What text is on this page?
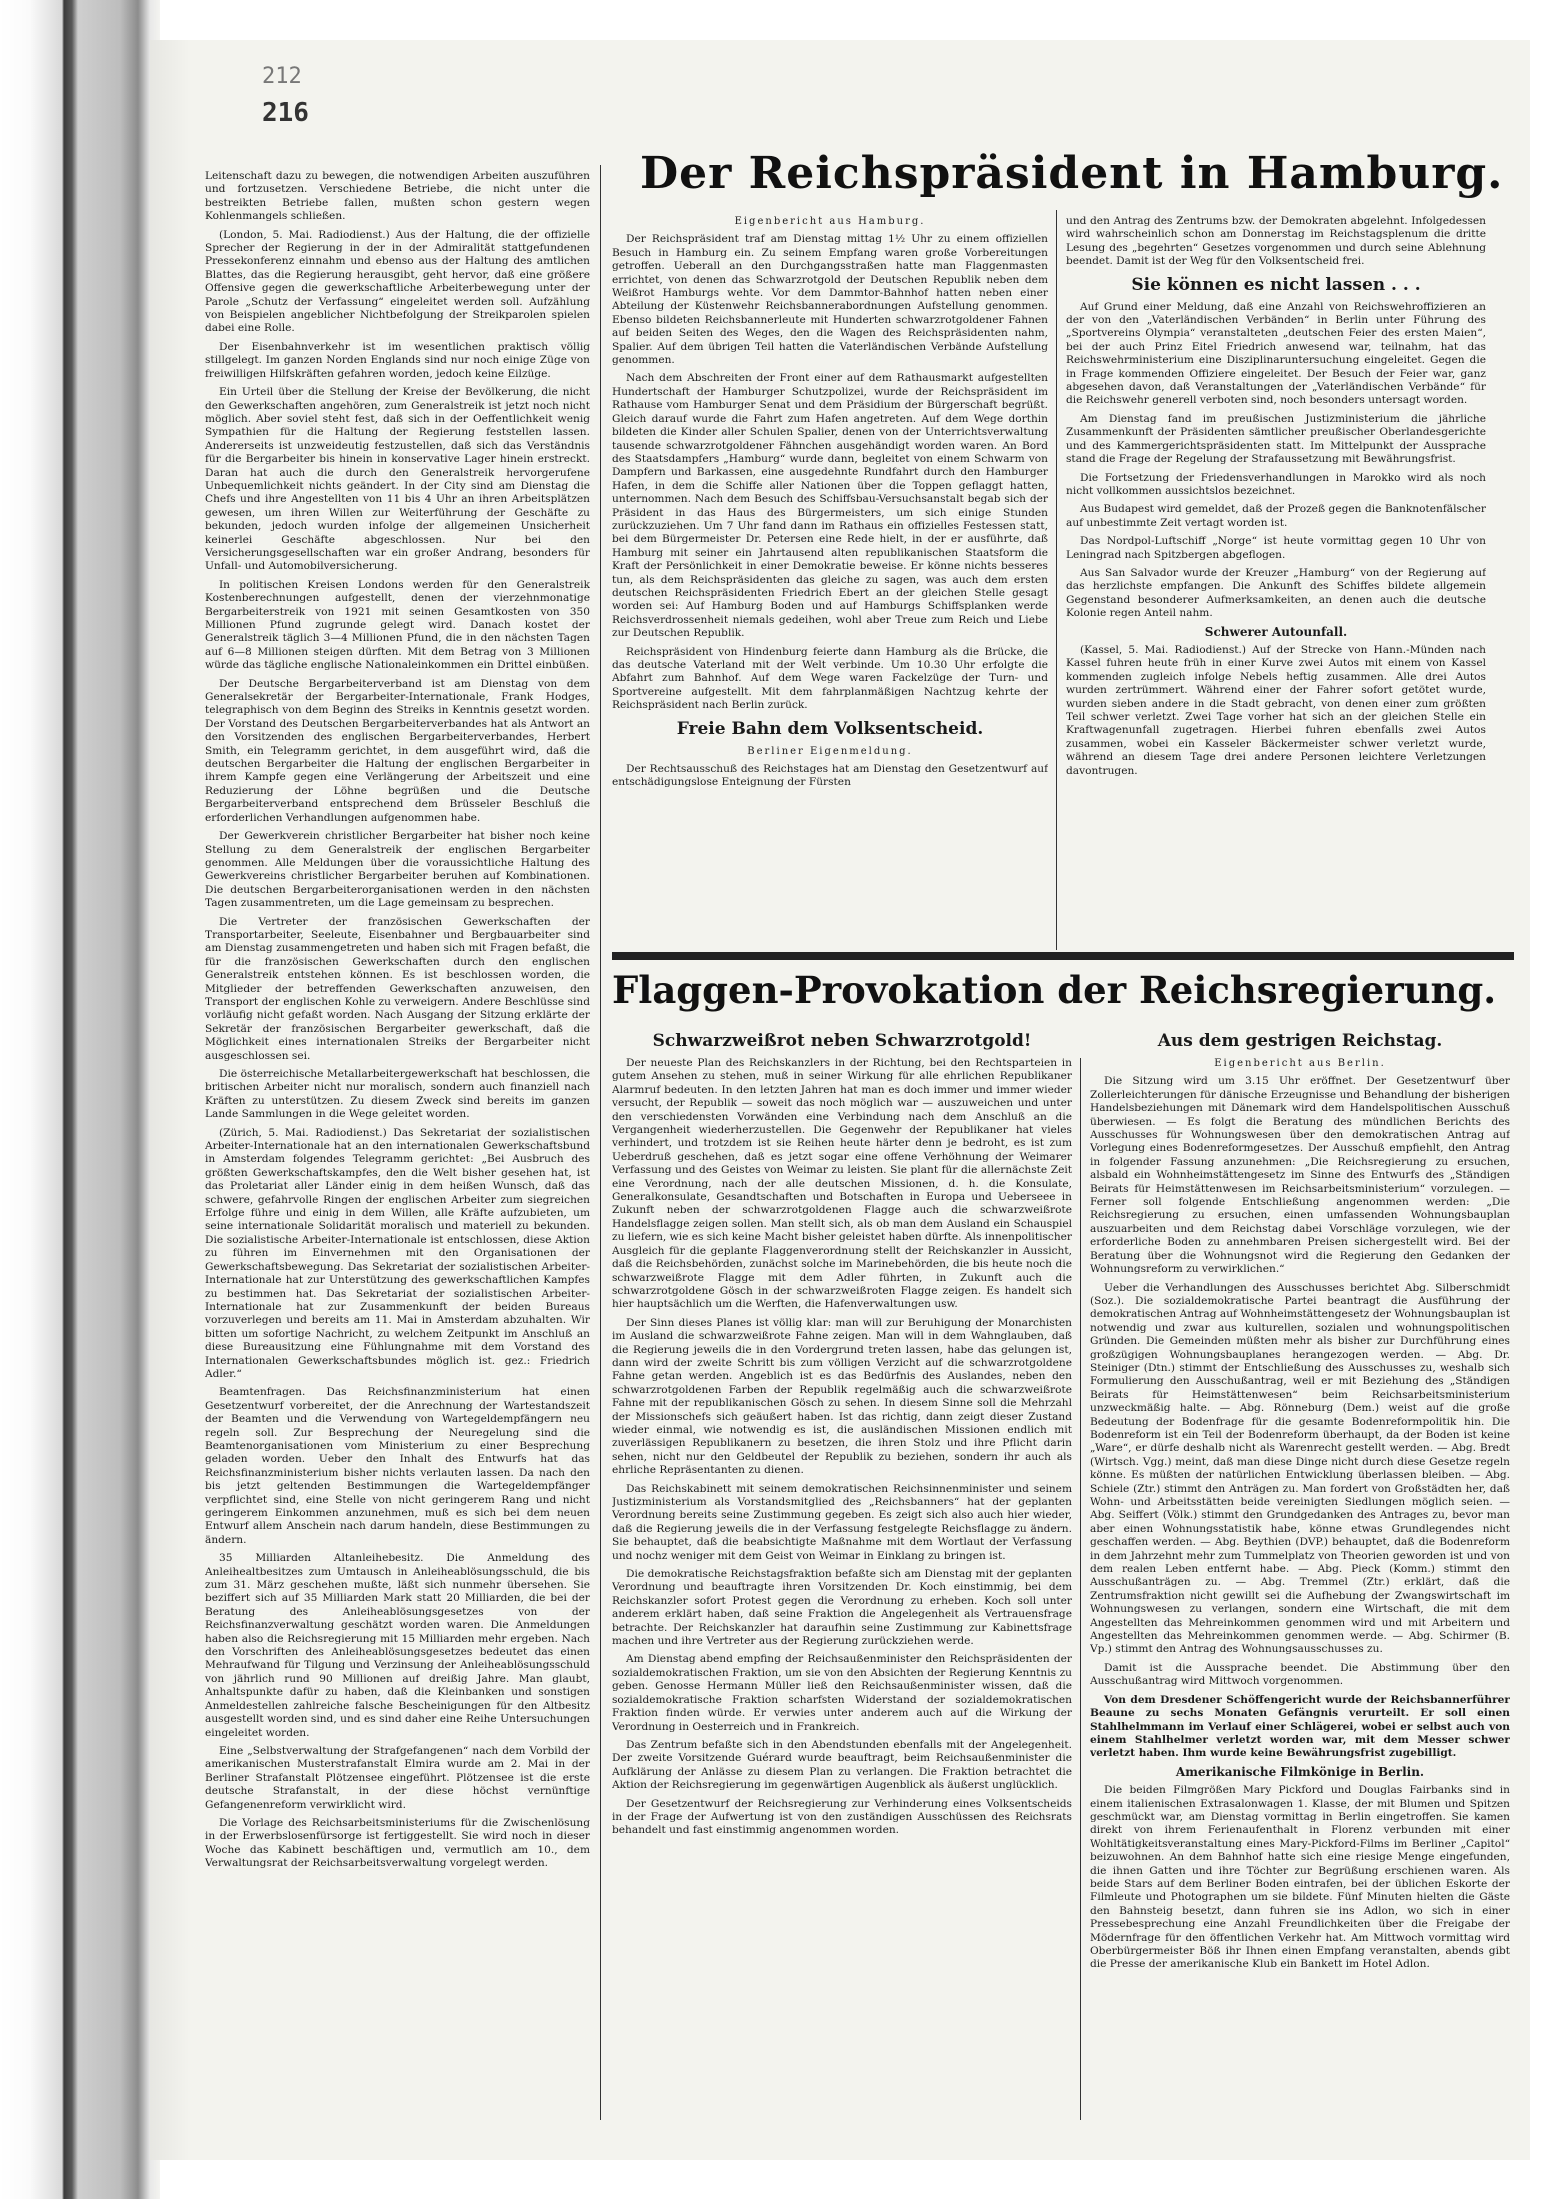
212
216

Leitenschaft dazu zu bewegen, die notwendigen Arbeiten auszuführen und fortzusetzen. Verschiedene Betriebe, die nicht unter die bestreikten Betriebe fallen, mußten schon gestern wegen Kohlenmangels schließen.

(London, 5. Mai. Radiodienst.) Aus der Haltung, die der offizielle Sprecher der Regierung in der in der Admiralität stattgefundenen Pressekonferenz einnahm und ebenso aus der Haltung des amtlichen Blattes, das die Regierung herausgibt, geht hervor, daß eine größere Offensive gegen die gewerkschaftliche Arbeiterbewegung unter der Parole „Schutz der Verfassung“ eingeleitet werden soll. Aufzählung von Beispielen angeblicher Nichtbefolgung der Streikparolen spielen dabei eine Rolle.

Der Eisenbahnverkehr ist im wesentlichen praktisch völlig stillgelegt. Im ganzen Norden Englands sind nur noch einige Züge von freiwilligen Hilfskräften gefahren worden, jedoch keine Eilzüge.

Ein Urteil über die Stellung der Kreise der Bevölkerung, die nicht den Gewerkschaften angehören, zum Generalstreik ist jetzt noch nicht möglich. Aber soviel steht fest, daß sich in der Oeffentlichkeit wenig Sympathien für die Haltung der Regierung feststellen lassen. Andererseits ist unzweideutig festzustellen, daß sich das Verständnis für die Bergarbeiter bis hinein in konservative Lager hinein erstreckt. Daran hat auch die durch den Generalstreik hervorgerufene Unbequemlichkeit nichts geändert. In der City sind am Dienstag die Chefs und ihre Angestellten von 11 bis 4 Uhr an ihren Arbeitsplätzen gewesen, um ihren Willen zur Weiterführung der Geschäfte zu bekunden, jedoch wurden infolge der allgemeinen Unsicherheit keinerlei Geschäfte abgeschlossen. Nur bei den Versicherungsgesellschaften war ein großer Andrang, besonders für Unfall- und Automobilversicherung.

In politischen Kreisen Londons werden für den Generalstreik Kostenberechnungen aufgestellt, denen der vierzehnmonatige Bergarbeiterstreik von 1921 mit seinen Gesamtkosten von 350 Millionen Pfund zugrunde gelegt wird. Danach kostet der Generalstreik täglich 3—4 Millionen Pfund, die in den nächsten Tagen auf 6—8 Millionen steigen dürften. Mit dem Betrag von 3 Millionen würde das tägliche englische Nationaleinkommen ein Drittel einbüßen.

Der Deutsche Bergarbeiterverband ist am Dienstag von dem Generalsekretär der Bergarbeiter-Internationale, Frank Hodges, telegraphisch von dem Beginn des Streiks in Kenntnis gesetzt worden. Der Vorstand des Deutschen Bergarbeiterverbandes hat als Antwort an den Vorsitzenden des englischen Bergarbeiterverbandes, Herbert Smith, ein Telegramm gerichtet, in dem ausgeführt wird, daß die deutschen Bergarbeiter die Haltung der englischen Bergarbeiter in ihrem Kampfe gegen eine Verlängerung der Arbeitszeit und eine Reduzierung der Löhne begrüßen und die Deutsche Bergarbeiterverband entsprechend dem Brüsseler Beschluß die erforderlichen Verhandlungen aufgenommen habe.

Der Gewerkverein christlicher Bergarbeiter hat bisher noch keine Stellung zu dem Generalstreik der englischen Bergarbeiter genommen. Alle Meldungen über die voraussichtliche Haltung des Gewerkvereins christlicher Bergarbeiter beruhen auf Kombinationen. Die deutschen Bergarbeiterorganisationen werden in den nächsten Tagen zusammentreten, um die Lage gemeinsam zu besprechen.

Die Vertreter der französischen Gewerkschaften der Transportarbeiter, Seeleute, Eisenbahner und Bergbauarbeiter sind am Dienstag zusammengetreten und haben sich mit Fragen befaßt, die für die französischen Gewerkschaften durch den englischen Generalstreik entstehen können. Es ist beschlossen worden, die Mitglieder der betreffenden Gewerkschaften anzuweisen, den Transport der englischen Kohle zu verweigern. Andere Beschlüsse sind vorläufig nicht gefaßt worden. Nach Ausgang der Sitzung erklärte der Sekretär der französischen Bergarbeiter gewerkschaft, daß die Möglichkeit eines internationalen Streiks der Bergarbeiter nicht ausgeschlossen sei.

Die österreichische Metallarbeitergewerkschaft hat beschlossen, die britischen Arbeiter nicht nur moralisch, sondern auch finanziell nach Kräften zu unterstützen. Zu diesem Zweck sind bereits im ganzen Lande Sammlungen in die Wege geleitet worden.

(Zürich, 5. Mai. Radiodienst.) Das Sekretariat der sozialistischen Arbeiter-Internationale hat an den internationalen Gewerkschaftsbund in Amsterdam folgendes Telegramm gerichtet: „Bei Ausbruch des größten Gewerkschaftskampfes, den die Welt bisher gesehen hat, ist das Proletariat aller Länder einig in dem heißen Wunsch, daß das schwere, gefahrvolle Ringen der englischen Arbeiter zum siegreichen Erfolge führe und einig in dem Willen, alle Kräfte aufzubieten, um seine internationale Solidarität moralisch und materiell zu bekunden. Die sozialistische Arbeiter-Internationale ist entschlossen, diese Aktion zu führen im Einvernehmen mit den Organisationen der Gewerkschaftsbewegung. Das Sekretariat der sozialistischen Arbeiter-Internationale hat zur Unterstützung des gewerkschaftlichen Kampfes zu bestimmen hat. Das Sekretariat der sozialistischen Arbeiter-Internationale hat zur Zusammenkunft der beiden Bureaus vorzuverlegen und bereits am 11. Mai in Amsterdam abzuhalten. Wir bitten um sofortige Nachricht, zu welchem Zeitpunkt im Anschluß an diese Bureausitzung eine Fühlungnahme mit dem Vorstand des Internationalen Gewerkschaftsbundes möglich ist. gez.: Friedrich Adler.“

Beamtenfragen. Das Reichsfinanzministerium hat einen Gesetzentwurf vorbereitet, der die Anrechnung der Wartestandszeit der Beamten und die Verwendung von Wartegeldempfängern neu regeln soll. Zur Besprechung der Neuregelung sind die Beamtenorganisationen vom Ministerium zu einer Besprechung geladen worden. Ueber den Inhalt des Entwurfs hat das Reichsfinanzministerium bisher nichts verlauten lassen. Da nach den bis jetzt geltenden Bestimmungen die Wartegeldempfänger verpflichtet sind, eine Stelle von nicht geringerem Rang und nicht geringerem Einkommen anzunehmen, muß es sich bei dem neuen Entwurf allem Anschein nach darum handeln, diese Bestimmungen zu ändern.

35 Milliarden Altanleihebesitz. Die Anmeldung des Anleihealtbesitzes zum Umtausch in Anleiheablösungsschuld, die bis zum 31. März geschehen mußte, läßt sich nunmehr übersehen. Sie beziffert sich auf 35 Milliarden Mark statt 20 Milliarden, die bei der Beratung des Anleiheablösungsgesetzes von der Reichsfinanzverwaltung geschätzt worden waren. Die Anmeldungen haben also die Reichsregierung mit 15 Milliarden mehr ergeben. Nach den Vorschriften des Anleiheablösungsgesetzes bedeutet das einen Mehraufwand für Tilgung und Verzinsung der Anleiheablösungsschuld von jährlich rund 90 Millionen auf dreißig Jahre. Man glaubt, Anhaltspunkte dafür zu haben, daß die Kleinbanken und sonstigen Anmeldestellen zahlreiche falsche Bescheinigungen für den Altbesitz ausgestellt worden sind, und es sind daher eine Reihe Untersuchungen eingeleitet worden.

Eine „Selbstverwaltung der Strafgefangenen“ nach dem Vorbild der amerikanischen Musterstrafanstalt Elmira wurde am 2. Mai in der Berliner Strafanstalt Plötzensee eingeführt. Plötzensee ist die erste deutsche Strafanstalt, in der diese höchst vernünftige Gefangenenreform verwirklicht wird.

Die Vorlage des Reichsarbeitsministeriums für die Zwischenlösung in der Erwerbslosenfürsorge ist fertiggestellt. Sie wird noch in dieser Woche das Kabinett beschäftigen und, vermutlich am 10., dem Verwaltungsrat der Reichsarbeitsverwaltung vorgelegt werden.

Der Reichspräsident in Hamburg.

Eigenbericht aus Hamburg.

Der Reichspräsident traf am Dienstag mittag 1½ Uhr zu einem offiziellen Besuch in Hamburg ein. Zu seinem Empfang waren große Vorbereitungen getroffen. Ueberall an den Durchgangsstraßen hatte man Flaggenmasten errichtet, von denen das Schwarzrotgold der Deutschen Republik neben dem Weißrot Hamburgs wehte. Vor dem Dammtor-Bahnhof hatten neben einer Abteilung der Küstenwehr Reichsbannerabordnungen Aufstellung genommen. Ebenso bildeten Reichsbannerleute mit Hunderten schwarzrotgoldener Fahnen auf beiden Seiten des Weges, den die Wagen des Reichspräsidenten nahm, Spalier. Auf dem übrigen Teil hatten die Vaterländischen Verbände Aufstellung genommen.

Nach dem Abschreiten der Front einer auf dem Rathausmarkt aufgestellten Hundertschaft der Hamburger Schutzpolizei, wurde der Reichspräsident im Rathause vom Hamburger Senat und dem Präsidium der Bürgerschaft begrüßt. Gleich darauf wurde die Fahrt zum Hafen angetreten. Auf dem Wege dorthin bildeten die Kinder aller Schulen Spalier, denen von der Unterrichtsverwaltung tausende schwarzrotgoldener Fähnchen ausgehändigt worden waren. An Bord des Staatsdampfers „Hamburg“ wurde dann, begleitet von einem Schwarm von Dampfern und Barkassen, eine ausgedehnte Rundfahrt durch den Hamburger Hafen, in dem die Schiffe aller Nationen über die Toppen geflaggt hatten, unternommen. Nach dem Besuch des Schiffsbau-Versuchsanstalt begab sich der Präsident in das Haus des Bürgermeisters, um sich einige Stunden zurückzuziehen. Um 7 Uhr fand dann im Rathaus ein offizielles Festessen statt, bei dem Bürgermeister Dr. Petersen eine Rede hielt, in der er ausführte, daß Hamburg mit seiner ein Jahrtausend alten republikanischen Staatsform die Kraft der Persönlichkeit in einer Demokratie beweise. Er könne nichts besseres tun, als dem Reichspräsidenten das gleiche zu sagen, was auch dem ersten deutschen Reichspräsidenten Friedrich Ebert an der gleichen Stelle gesagt worden sei: Auf Hamburg Boden und auf Hamburgs Schiffsplanken werde Reichsverdrossenheit niemals gedeihen, wohl aber Treue zum Reich und Liebe zur Deutschen Republik.

Reichspräsident von Hindenburg feierte dann Hamburg als die Brücke, die das deutsche Vaterland mit der Welt verbinde. Um 10.30 Uhr erfolgte die Abfahrt zum Bahnhof. Auf dem Wege waren Fackelzüge der Turn- und Sportvereine aufgestellt. Mit dem fahrplanmäßigen Nachtzug kehrte der Reichspräsident nach Berlin zurück.

Freie Bahn dem Volksentscheid.

Berliner Eigenmeldung.

Der Rechtsausschuß des Reichstages hat am Dienstag den Gesetzentwurf auf entschädigungslose Enteignung der Fürsten

und den Antrag des Zentrums bzw. der Demokraten abgelehnt. Infolgedessen wird wahrscheinlich schon am Donnerstag im Reichstagsplenum die dritte Lesung des „begehrten“ Gesetzes vorgenommen und durch seine Ablehnung beendet. Damit ist der Weg für den Volksentscheid frei.

Sie können es nicht lassen . . .

Auf Grund einer Meldung, daß eine Anzahl von Reichswehroffizieren an der von den „Vaterländischen Verbänden“ in Berlin unter Führung des „Sportvereins Olympia“ veranstalteten „deutschen Feier des ersten Maien“, bei der auch Prinz Eitel Friedrich anwesend war, teilnahm, hat das Reichswehrministerium eine Disziplinaruntersuchung eingeleitet. Gegen die in Frage kommenden Offiziere eingeleitet. Der Besuch der Feier war, ganz abgesehen davon, daß Veranstaltungen der „Vaterländischen Verbände“ für die Reichswehr generell verboten sind, noch besonders untersagt worden.

Am Dienstag fand im preußischen Justizministerium die jährliche Zusammenkunft der Präsidenten sämtlicher preußischer Oberlandesgerichte und des Kammergerichtspräsidenten statt. Im Mittelpunkt der Aussprache stand die Frage der Regelung der Strafaussetzung mit Bewährungsfrist.

Die Fortsetzung der Friedensverhandlungen in Marokko wird als noch nicht vollkommen aussichtslos bezeichnet.

Aus Budapest wird gemeldet, daß der Prozeß gegen die Banknotenfälscher auf unbestimmte Zeit vertagt worden ist.

Das Nordpol-Luftschiff „Norge“ ist heute vormittag gegen 10 Uhr von Leningrad nach Spitzbergen abgeflogen.

Aus San Salvador wurde der Kreuzer „Hamburg“ von der Regierung auf das herzlichste empfangen. Die Ankunft des Schiffes bildete allgemein Gegenstand besonderer Aufmerksamkeiten, an denen auch die deutsche Kolonie regen Anteil nahm.

Schwerer Autounfall.

(Kassel, 5. Mai. Radiodienst.) Auf der Strecke von Hann.-Münden nach Kassel fuhren heute früh in einer Kurve zwei Autos mit einem von Kassel kommenden zugleich infolge Nebels heftig zusammen. Alle drei Autos wurden zertrümmert. Während einer der Fahrer sofort getötet wurde, wurden sieben andere in die Stadt gebracht, von denen einer zum größten Teil schwer verletzt. Zwei Tage vorher hat sich an der gleichen Stelle ein Kraftwagenunfall zugetragen. Hierbei fuhren ebenfalls zwei Autos zusammen, wobei ein Kasseler Bäckermeister schwer verletzt wurde, während an diesem Tage drei andere Personen leichtere Verletzungen davontrugen.

Flaggen-Provokation der Reichsregierung.

Schwarzweißrot neben Schwarzrotgold!

Der neueste Plan des Reichskanzlers in der Richtung, bei den Rechtsparteien in gutem Ansehen zu stehen, muß in seiner Wirkung für alle ehrlichen Republikaner Alarmruf bedeuten. In den letzten Jahren hat man es doch immer und immer wieder versucht, der Republik — soweit das noch möglich war — auszuweichen und unter den verschiedensten Vorwänden eine Verbindung nach dem Anschluß an die Vergangenheit wiederherzustellen. Die Gegenwehr der Republikaner hat vieles verhindert, und trotzdem ist sie Reihen heute härter denn je bedroht, es ist zum Ueberdruß geschehen, daß es jetzt sogar eine offene Verhöhnung der Weimarer Verfassung und des Geistes von Weimar zu leisten. Sie plant für die allernächste Zeit eine Verordnung, nach der alle deutschen Missionen, d. h. die Konsulate, Generalkonsulate, Gesandtschaften und Botschaften in Europa und Ueberseee in Zukunft neben der schwarzrotgoldenen Flagge auch die schwarzweißrote Handelsflagge zeigen sollen. Man stellt sich, als ob man dem Ausland ein Schauspiel zu liefern, wie es sich keine Macht bisher geleistet haben dürfte. Als innenpolitischer Ausgleich für die geplante Flaggenverordnung stellt der Reichskanzler in Aussicht, daß die Reichsbehörden, zunächst solche im Marinebehörden, die bis heute noch die schwarzweißrote Flagge mit dem Adler führten, in Zukunft auch die schwarzrotgoldene Gösch in der schwarzweißroten Flagge zeigen. Es handelt sich hier hauptsächlich um die Werften, die Hafenverwaltungen usw.

Der Sinn dieses Planes ist völlig klar: man will zur Beruhigung der Monarchisten im Ausland die schwarzweißrote Fahne zeigen. Man will in dem Wahnglauben, daß die Regierung jeweils die in den Vordergrund treten lassen, habe das gelungen ist, dann wird der zweite Schritt bis zum völligen Verzicht auf die schwarzrotgoldene Fahne getan werden. Angeblich ist es das Bedürfnis des Auslandes, neben den schwarzrotgoldenen Farben der Republik regelmäßig auch die schwarzweißrote Fahne mit der republikanischen Gösch zu sehen. In diesem Sinne soll die Mehrzahl der Missionschefs sich geäußert haben. Ist das richtig, dann zeigt dieser Zustand wieder einmal, wie notwendig es ist, die ausländischen Missionen endlich mit zuverlässigen Republikanern zu besetzen, die ihren Stolz und ihre Pflicht darin sehen, nicht nur den Geldbeutel der Republik zu beziehen, sondern ihr auch als ehrliche Repräsentanten zu dienen.

Das Reichskabinett mit seinem demokratischen Reichsinnenminister und seinem Justizministerium als Vorstandsmitglied des „Reichsbanners“ hat der geplanten Verordnung bereits seine Zustimmung gegeben. Es zeigt sich also auch hier wieder, daß die Regierung jeweils die in der Verfassung festgelegte Reichsflagge zu ändern. Sie behauptet, daß die beabsichtigte Maßnahme mit dem Wortlaut der Verfassung und nochz weniger mit dem Geist von Weimar in Einklang zu bringen ist.

Die demokratische Reichstagsfraktion befaßte sich am Dienstag mit der geplanten Verordnung und beauftragte ihren Vorsitzenden Dr. Koch einstimmig, bei dem Reichskanzler sofort Protest gegen die Verordnung zu erheben. Koch soll unter anderem erklärt haben, daß seine Fraktion die Angelegenheit als Vertrauensfrage betrachte. Der Reichskanzler hat daraufhin seine Zustimmung zur Kabinettsfrage machen und ihre Vertreter aus der Regierung zurückziehen werde.

Am Dienstag abend empfing der Reichsaußenminister den Reichspräsidenten der sozialdemokratischen Fraktion, um sie von den Absichten der Regierung Kenntnis zu geben. Genosse Hermann Müller ließ den Reichsaußenminister wissen, daß die sozialdemokratische Fraktion scharfsten Widerstand der sozialdemokratischen Fraktion finden würde. Er verwies unter anderem auch auf die Wirkung der Verordnung in Oesterreich und in Frankreich.

Das Zentrum befaßte sich in den Abendstunden ebenfalls mit der Angelegenheit. Der zweite Vorsitzende Guérard wurde beauftragt, beim Reichsaußenminister die Aufklärung der Anlässe zu diesem Plan zu verlangen. Die Fraktion betrachtet die Aktion der Reichsregierung im gegenwärtigen Augenblick als äußerst unglücklich.

Der Gesetzentwurf der Reichsregierung zur Verhinderung eines Volksentscheids in der Frage der Aufwertung ist von den zuständigen Ausschüssen des Reichsrats behandelt und fast einstimmig angenommen worden.

Aus dem gestrigen Reichstag.

Eigenbericht aus Berlin.

Die Sitzung wird um 3.15 Uhr eröffnet. Der Gesetzentwurf über Zollerleichterungen für dänische Erzeugnisse und Behandlung der bisherigen Handelsbeziehungen mit Dänemark wird dem Handelspolitischen Ausschuß überwiesen. — Es folgt die Beratung des mündlichen Berichts des Ausschusses für Wohnungswesen über den demokratischen Antrag auf Vorlegung eines Bodenreformgesetzes. Der Ausschuß empfiehlt, den Antrag in folgender Fassung anzunehmen: „Die Reichsregierung zu ersuchen, alsbald ein Wohnheimstättengesetz im Sinne des Entwurfs des „Ständigen Beirats für Heimstättenwesen im Reichsarbeitsministerium“ vorzulegen. — Ferner soll folgende Entschließung angenommen werden: „Die Reichsregierung zu ersuchen, einen umfassenden Wohnungsbauplan auszuarbeiten und dem Reichstag dabei Vorschläge vorzulegen, wie der erforderliche Boden zu annehmbaren Preisen sichergestellt wird. Bei der Beratung über die Wohnungsnot wird die Regierung den Gedanken der Wohnungsreform zu verwirklichen.“

Ueber die Verhandlungen des Ausschusses berichtet Abg. Silberschmidt (Soz.). Die sozialdemokratische Partei beantragt die Ausführung der demokratischen Antrag auf Wohnheimstättengesetz der Wohnungsbauplan ist notwendig und zwar aus kulturellen, sozialen und wohnungspolitischen Gründen. Die Gemeinden müßten mehr als bisher zur Durchführung eines großzügigen Wohnungsbauplanes herangezogen werden. — Abg. Dr. Steiniger (Dtn.) stimmt der Entschließung des Ausschusses zu, weshalb sich Formulierung den Ausschußantrag, weil er mit Beziehung des „Ständigen Beirats für Heimstättenwesen“ beim Reichsarbeitsministerium unzweckmäßig halte. — Abg. Rönneburg (Dem.) weist auf die große Bedeutung der Bodenfrage für die gesamte Bodenreformpolitik hin. Die Bodenreform ist ein Teil der Bodenreform überhaupt, da der Boden ist keine „Ware“, er dürfe deshalb nicht als Warenrecht gestellt werden. — Abg. Bredt (Wirtsch. Vgg.) meint, daß man diese Dinge nicht durch diese Gesetze regeln könne. Es müßten der natürlichen Entwicklung überlassen bleiben. — Abg. Schiele (Ztr.) stimmt den Anträgen zu. Man fordert von Großstädten her, daß Wohn- und Arbeitsstätten beide vereinigten Siedlungen möglich seien. — Abg. Seiffert (Völk.) stimmt den Grundgedanken des Antrages zu, bevor man aber einen Wohnungsstatistik habe, könne etwas Grundlegendes nicht geschaffen werden. — Abg. Beythien (DVP.) behauptet, daß die Bodenreform in dem Jahrzehnt mehr zum Tummelplatz von Theorien geworden ist und von dem realen Leben entfernt habe. — Abg. Pieck (Komm.) stimmt den Ausschußanträgen zu. — Abg. Tremmel (Ztr.) erklärt, daß die Zentrumsfraktion nicht gewillt sei die Aufhebung der Zwangswirtschaft im Wohnungswesen zu verlangen, sondern eine Wirtschaft, die mit dem Angestellten das Mehreinkommen genommen wird und mit Arbeitern und Angestellten das Mehreinkommen genommen werde. — Abg. Schirmer (B. Vp.) stimmt den Antrag des Wohnungsausschusses zu.

Damit ist die Aussprache beendet. Die Abstimmung über den Ausschußantrag wird Mittwoch vorgenommen.

Von dem Dresdener Schöffengericht wurde der Reichsbannerführer Beaune zu sechs Monaten Gefängnis verurteilt. Er soll einen Stahlhelmmann im Verlauf einer Schlägerei, wobei er selbst auch von einem Stahlhelmer verletzt worden war, mit dem Messer schwer verletzt haben. Ihm wurde keine Bewährungsfrist zugebilligt.

Amerikanische Filmkönige in Berlin.

Die beiden Filmgrößen Mary Pickford und Douglas Fairbanks sind in einem italienischen Extrasalonwagen 1. Klasse, der mit Blumen und Spitzen geschmückt war, am Dienstag vormittag in Berlin eingetroffen. Sie kamen direkt von ihrem Ferienaufenthalt in Florenz verbunden mit einer Wohltätigkeitsveranstaltung eines Mary-Pickford-Films im Berliner „Capitol“ beizuwohnen. An dem Bahnhof hatte sich eine riesige Menge eingefunden, die ihnen Gatten und ihre Töchter zur Begrüßung erschienen waren. Als beide Stars auf dem Berliner Boden eintrafen, bei der üblichen Eskorte der Filmleute und Photographen um sie bildete. Fünf Minuten hielten die Gäste den Bahnsteig besetzt, dann fuhren sie ins Adlon, wo sich in einer Pressebesprechung eine Anzahl Freundlichkeiten über die Freigabe der Mödernfrage für den öffentlichen Verkehr hat. Am Mittwoch vormittag wird Oberbürgermeister Böß ihr Ihnen einen Empfang veranstalten, abends gibt die Presse der amerikanische Klub ein Bankett im Hotel Adlon.
